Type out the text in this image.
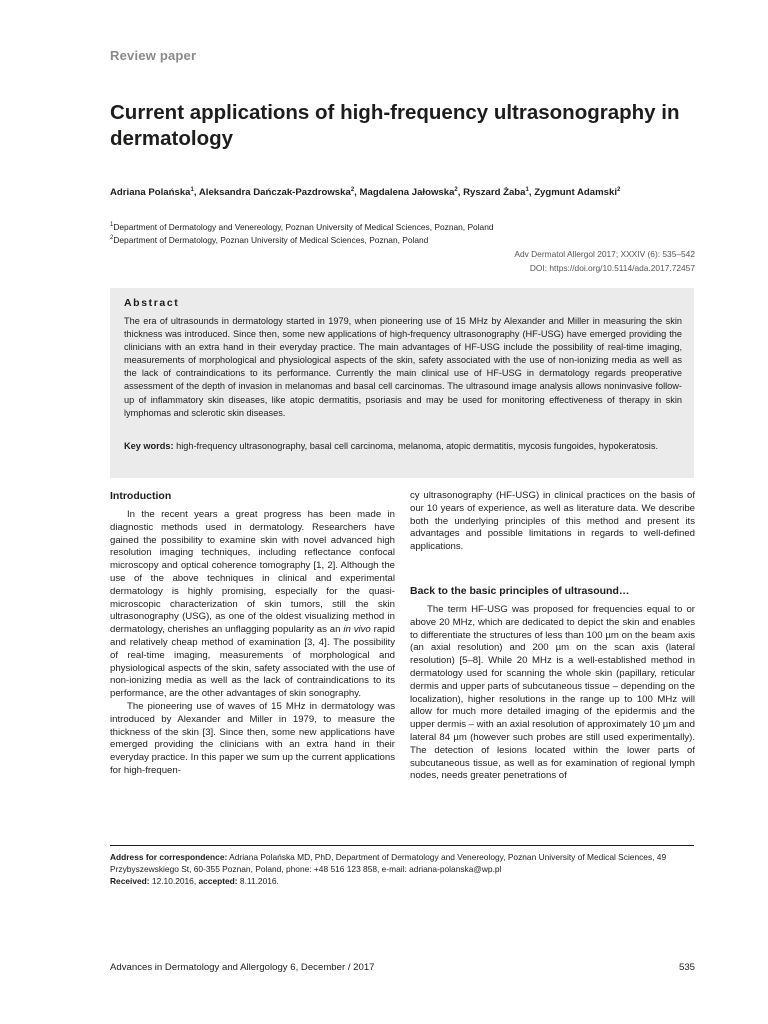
Review paper
Current applications of high-frequency ultrasonography in dermatology
Adriana Polańska$^1$, Aleksandra Dańczak-Pazdrowska$^2$, Magdalena Jałowska$^2$, Ryszard Żaba$^1$, Zygmunt Adamski$^2$
$^1$Department of Dermatology and Venereology, Poznan University of Medical Sciences, Poznan, Poland
$^2$Department of Dermatology, Poznan University of Medical Sciences, Poznan, Poland
Adv Dermatol Allergol 2017; XXXIV (6): 535–542
DOI: https://doi.org/10.5114/ada.2017.72457
Abstract
The era of ultrasounds in dermatology started in 1979, when pioneering use of 15 MHz by Alexander and Miller in measuring the skin thickness was introduced. Since then, some new applications of high-frequency ultrasonography (HF-USG) have emerged providing the clinicians with an extra hand in their everyday practice. The main advantages of HF-USG include the possibility of real-time imaging, measurements of morphological and physiological aspects of the skin, safety associated with the use of non-ionizing media as well as the lack of contraindications to its performance. Currently the main clinical use of HF-USG in dermatology regards preoperative assessment of the depth of invasion in melanomas and basal cell carcinomas. The ultrasound image analysis allows noninvasive follow-up of inflammatory skin diseases, like atopic dermatitis, psoriasis and may be used for monitoring effectiveness of therapy in skin lymphomas and sclerotic skin diseases.
Key words: high-frequency ultrasonography, basal cell carcinoma, melanoma, atopic dermatitis, mycosis fungoides, hypokeratosis.
Introduction

In the recent years a great progress has been made in diagnostic methods used in dermatology. Researchers have gained the possibility to examine skin with novel advanced high resolution imaging techniques, including reflectance confocal microscopy and optical coherence tomography [1, 2]. Although the use of the above techniques in clinical and experimental dermatology is highly promising, especially for the quasi-microscopic characterization of skin tumors, still the skin ultrasonography (USG), as one of the oldest visualizing method in dermatology, cherishes an unflagging popularity as an in vivo rapid and relatively cheap method of examination [3, 4]. The possibility of real-time imaging, measurements of morphological and physiological aspects of the skin, safety associated with the use of non-ionizing media as well as the lack of contraindications to its performance, are the other advantages of skin sonography.

The pioneering use of waves of 15 MHz in dermatology was introduced by Alexander and Miller in 1979, to measure the thickness of the skin [3]. Since then, some new applications have emerged providing the clinicians with an extra hand in their everyday practice. In this paper we sum up the current applications for high-frequen-

cy ultrasonography (HF-USG) in clinical practices on the basis of our 10 years of experience, as well as literature data. We describe both the underlying principles of this method and present its advantages and possible limitations in regards to well-defined applications.

Back to the basic principles of ultrasound…

The term HF-USG was proposed for frequencies equal to or above 20 MHz, which are dedicated to depict the skin and enables to differentiate the structures of less than 100 µm on the beam axis (an axial resolution) and 200 µm on the scan axis (lateral resolution) [5–8]. While 20 MHz is a well-established method in dermatology used for scanning the whole skin (papillary, reticular dermis and upper parts of subcutaneous tissue – depending on the localization), higher resolutions in the range up to 100 MHz will allow for much more detailed imaging of the epidermis and the upper dermis – with an axial resolution of approximately 10 µm and lateral 84 µm (however such probes are still used experimentally). The detection of lesions located within the lower parts of subcutaneous tissue, as well as for examination of regional lymph nodes, needs greater penetrations of

Address for correspondence: Adriana Polańska MD, PhD, Department of Dermatology and Venereology, Poznan University of Medical Sciences, 49 Przybyszewskiego St, 60-355 Poznan, Poland, phone: +48 516 123 858, e-mail: adriana-polanska@wp.pl
Received: 12.10.2016, accepted: 8.11.2016.
Advances in Dermatology and Allergology 6, December / 2017	535
